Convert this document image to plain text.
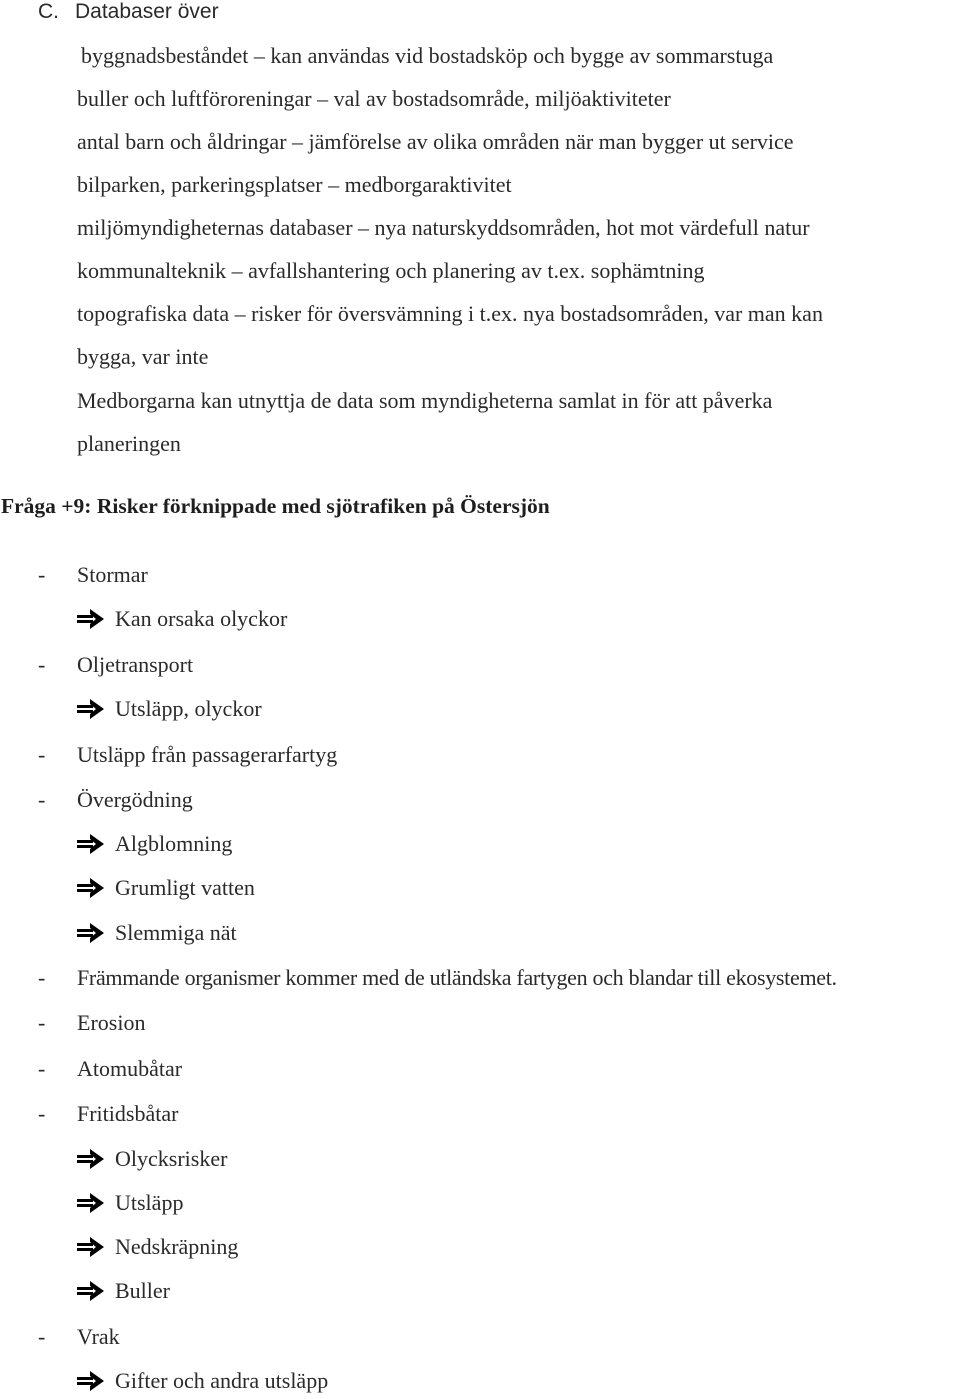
C. Databaser över
byggnadsbeståndet – kan användas vid bostadsköp och bygge av sommarstuga
buller och luftföroreningar – val av bostadsområde, miljöaktiviteter
antal barn och åldringar – jämförelse av olika områden när man bygger ut service
bilparken, parkeringsplatser – medborgaraktivitet
miljömyndigheternas databaser – nya naturskyddsområden, hot mot värdefull natur
kommunalteknik – avfallshantering och planering av t.ex. sophämtning
topografiska data – risker för översvämning i t.ex. nya bostadsområden, var man kan
bygga, var inte
Medborgarna kan utnyttja de data som myndigheterna samlat in för att påverka
planeringen
Fråga +9: Risker förknippade med sjötrafiken på Östersjön
- Stormar
Kan orsaka olyckor
- Oljetransport
Utsläpp, olyckor
- Utsläpp från passagerarfartyg
- Övergödning
Algblomning
Grumligt vatten
Slemmiga nät
- Främmande organismer kommer med de utländska fartygen och blandar till ekosystemet.
- Erosion
- Atomubåtar
- Fritidsbåtar
Olycksrisker
Utsläpp
Nedskräpning
Buller
- Vrak
Gifter och andra utsläpp
